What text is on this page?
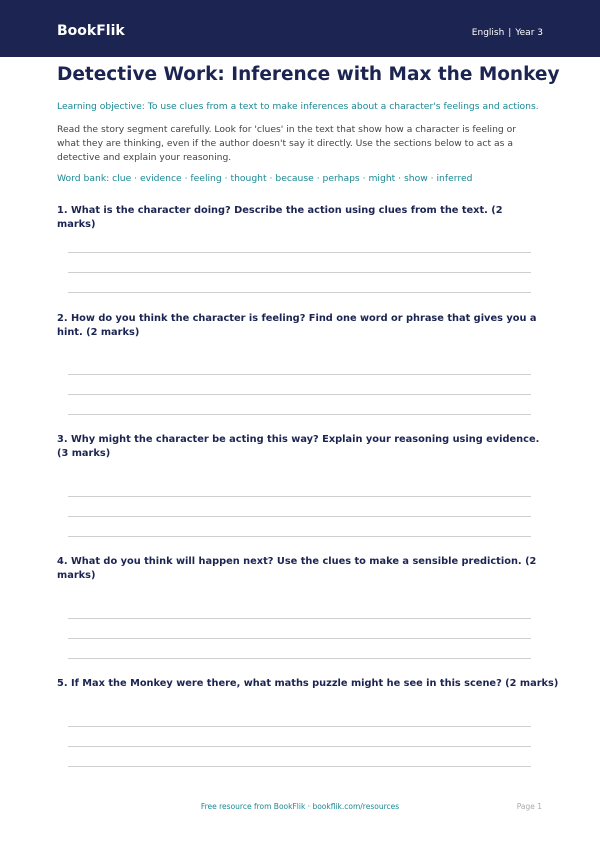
BookFlik	English | Year 3
Detective Work: Inference with Max the Monkey
Learning objective: To use clues from a text to make inferences about a character's feelings and actions.
Read the story segment carefully. Look for 'clues' in the text that show how a character is feeling or what they are thinking, even if the author doesn't say it directly. Use the sections below to act as a detective and explain your reasoning.
Word bank: clue · evidence · feeling · thought · because · perhaps · might · show · inferred
1. What is the character doing? Describe the action using clues from the text. (2 marks)
2. How do you think the character is feeling? Find one word or phrase that gives you a hint. (2 marks)
3. Why might the character be acting this way? Explain your reasoning using evidence. (3 marks)
4. What do you think will happen next? Use the clues to make a sensible prediction. (2 marks)
5. If Max the Monkey were there, what maths puzzle might he see in this scene? (2 marks)
Free resource from BookFlik · bookflik.com/resources	Page 1
